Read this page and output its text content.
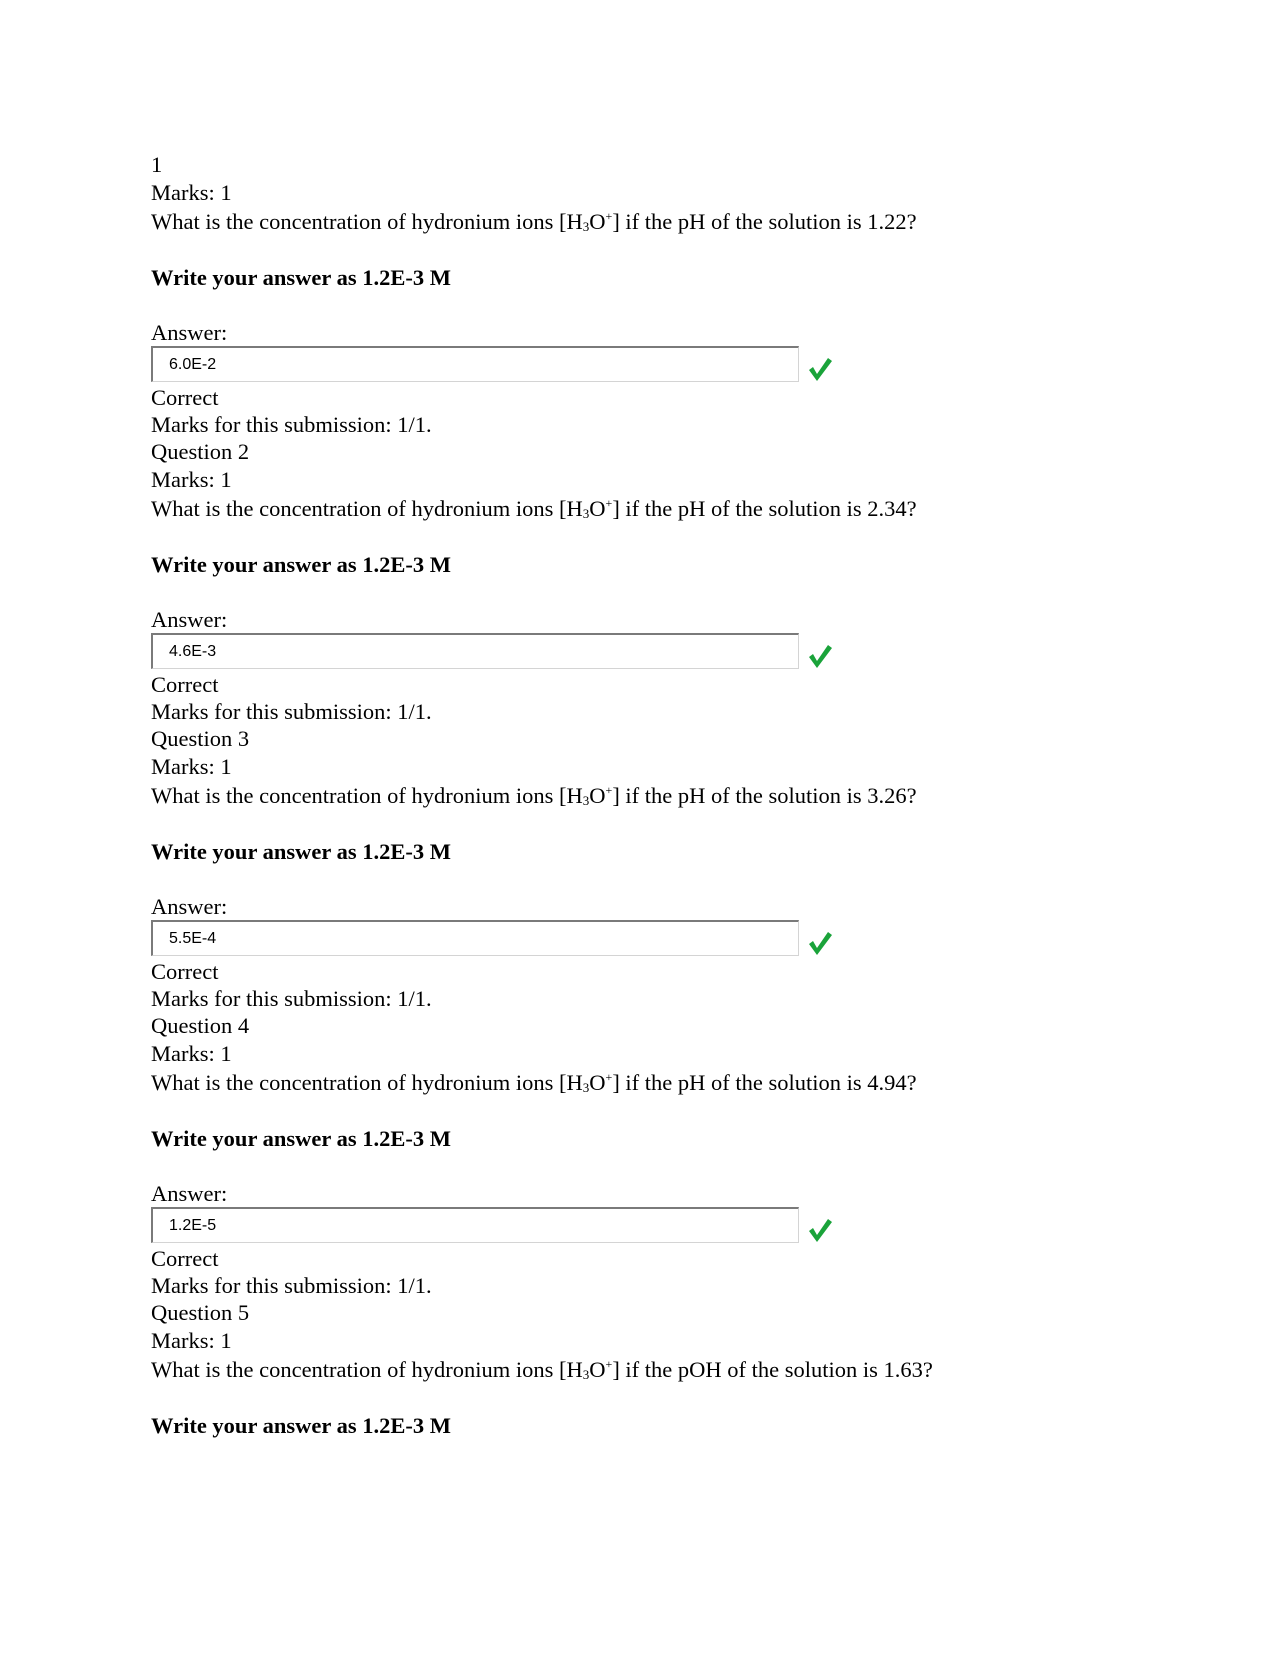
1
Marks: 1
What is the concentration of hydronium ions $[H_3O^+]$ if the pH of the solution is 1.22?
Write your answer as 1.2E-3 M
Answer:
6.0E-2
Correct
Marks for this submission: 1/1.
Question 2
Marks: 1
What is the concentration of hydronium ions $[H_3O^+]$ if the pH of the solution is 2.34?
Write your answer as 1.2E-3 M
Answer:
4.6E-3
Correct
Marks for this submission: 1/1.
Question 3
Marks: 1
What is the concentration of hydronium ions $[H_3O^+]$ if the pH of the solution is 3.26?
Write your answer as 1.2E-3 M
Answer:
5.5E-4
Correct
Marks for this submission: 1/1.
Question 4
Marks: 1
What is the concentration of hydronium ions $[H_3O^+]$ if the pH of the solution is 4.94?
Write your answer as 1.2E-3 M
Answer:
1.2E-5
Correct
Marks for this submission: 1/1.
Question 5
Marks: 1
What is the concentration of hydronium ions $[H_3O^+]$ if the pOH of the solution is 1.63?
Write your answer as 1.2E-3 M
